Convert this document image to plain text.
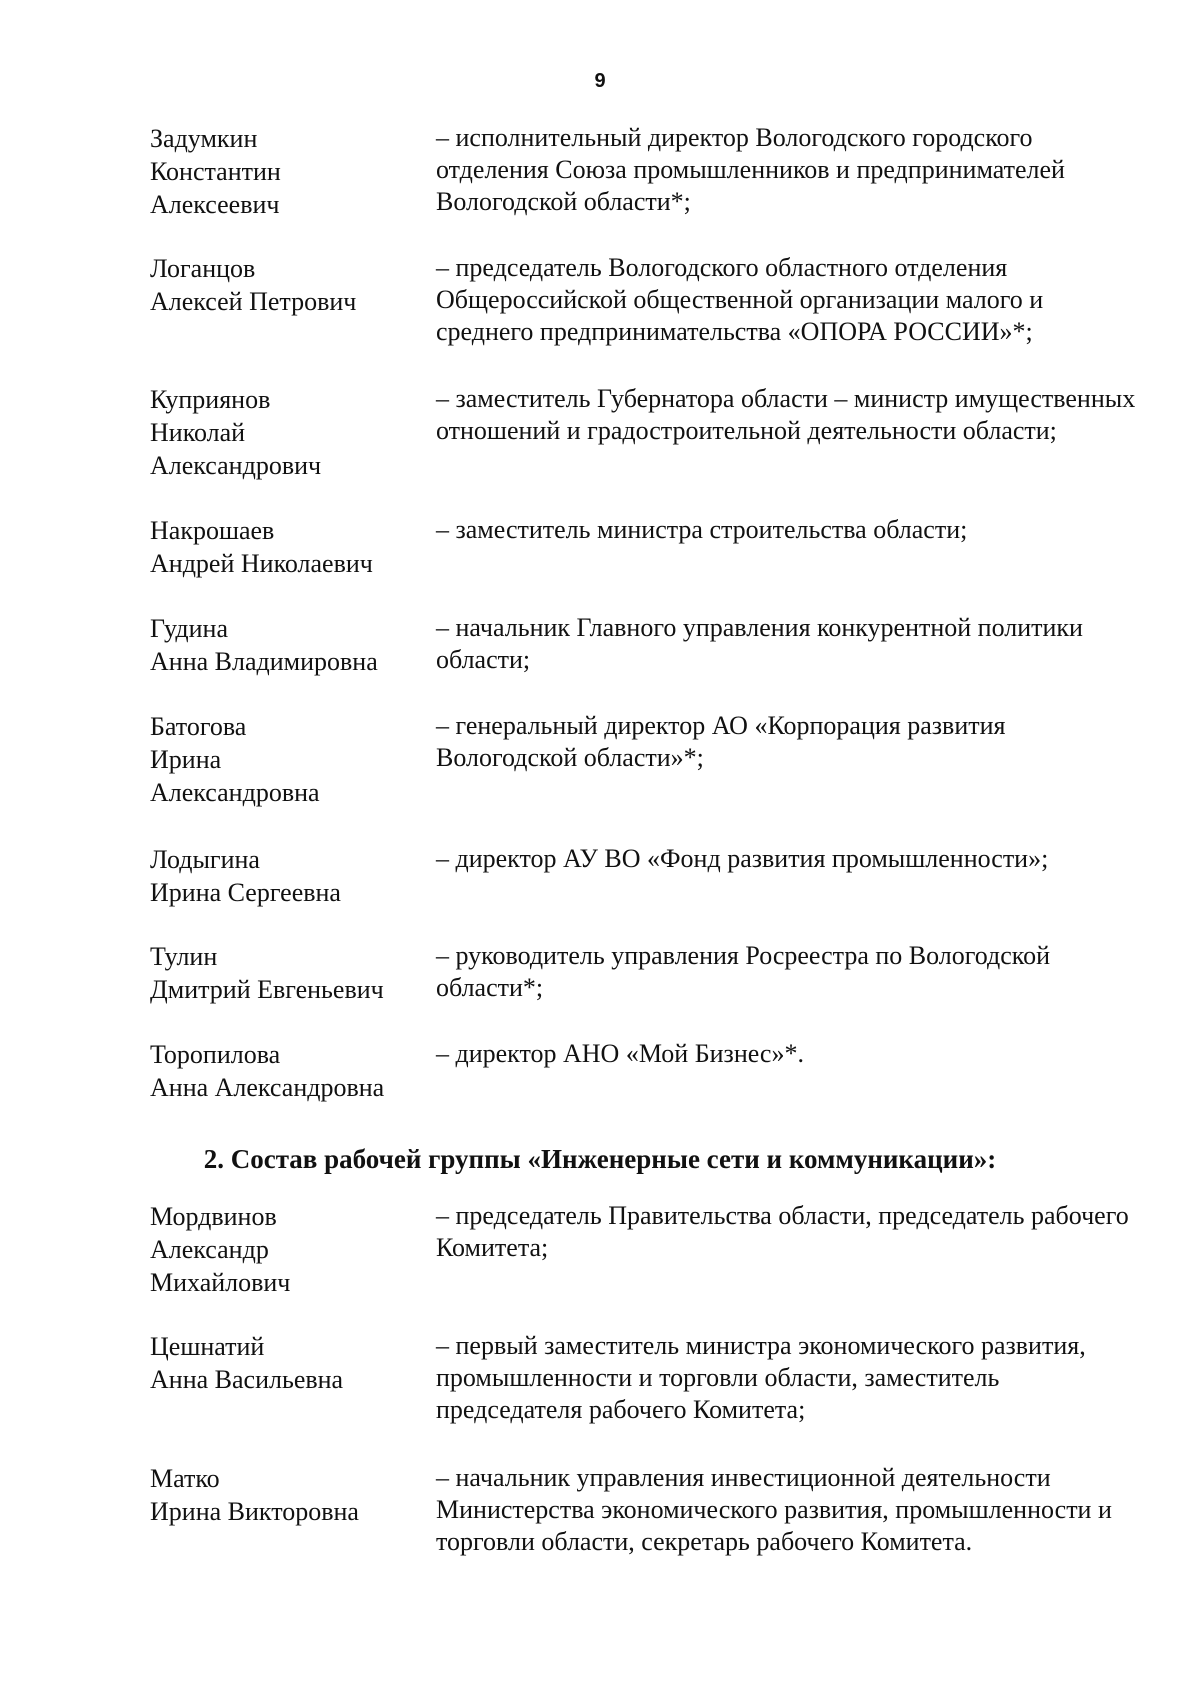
9
Задумкин
Константин
Алексеевич
– исполнительный директор Вологодского городского отделения Союза промышленников и предпринимателей Вологодской области*;
Логанцов
Алексей Петрович
– председатель Вологодского областного отделения Общероссийской общественной организации малого и среднего предпринимательства «ОПОРА РОССИИ»*;
Куприянов
Николай
Александрович
– заместитель Губернатора области – министр имущественных отношений и градостроительной деятельности области;
Накрошаев
Андрей Николаевич
– заместитель министра строительства области;
Гудина
Анна Владимировна
– начальник Главного управления конкурентной политики области;
Батогова
Ирина
Александровна
– генеральный директор АО «Корпорация развития Вологодской области»*;
Лодыгина
Ирина Сергеевна
– директор АУ ВО «Фонд развития промышленности»;
Тулин
Дмитрий Евгеньевич
– руководитель управления Росреестра по Вологодской области*;
Торопилова
Анна Александровна
– директор АНО «Мой Бизнес»*.
2. Состав рабочей группы «Инженерные сети и коммуникации»:
Мордвинов
Александр
Михайлович
– председатель Правительства области, председатель рабочего Комитета;
Цешнатий
Анна Васильевна
– первый заместитель министра экономического развития, промышленности и торговли области, заместитель председателя рабочего Комитета;
Матко
Ирина Викторовна
– начальник управления инвестиционной деятельности Министерства экономического развития, промышленности и торговли области, секретарь рабочего Комитета.
